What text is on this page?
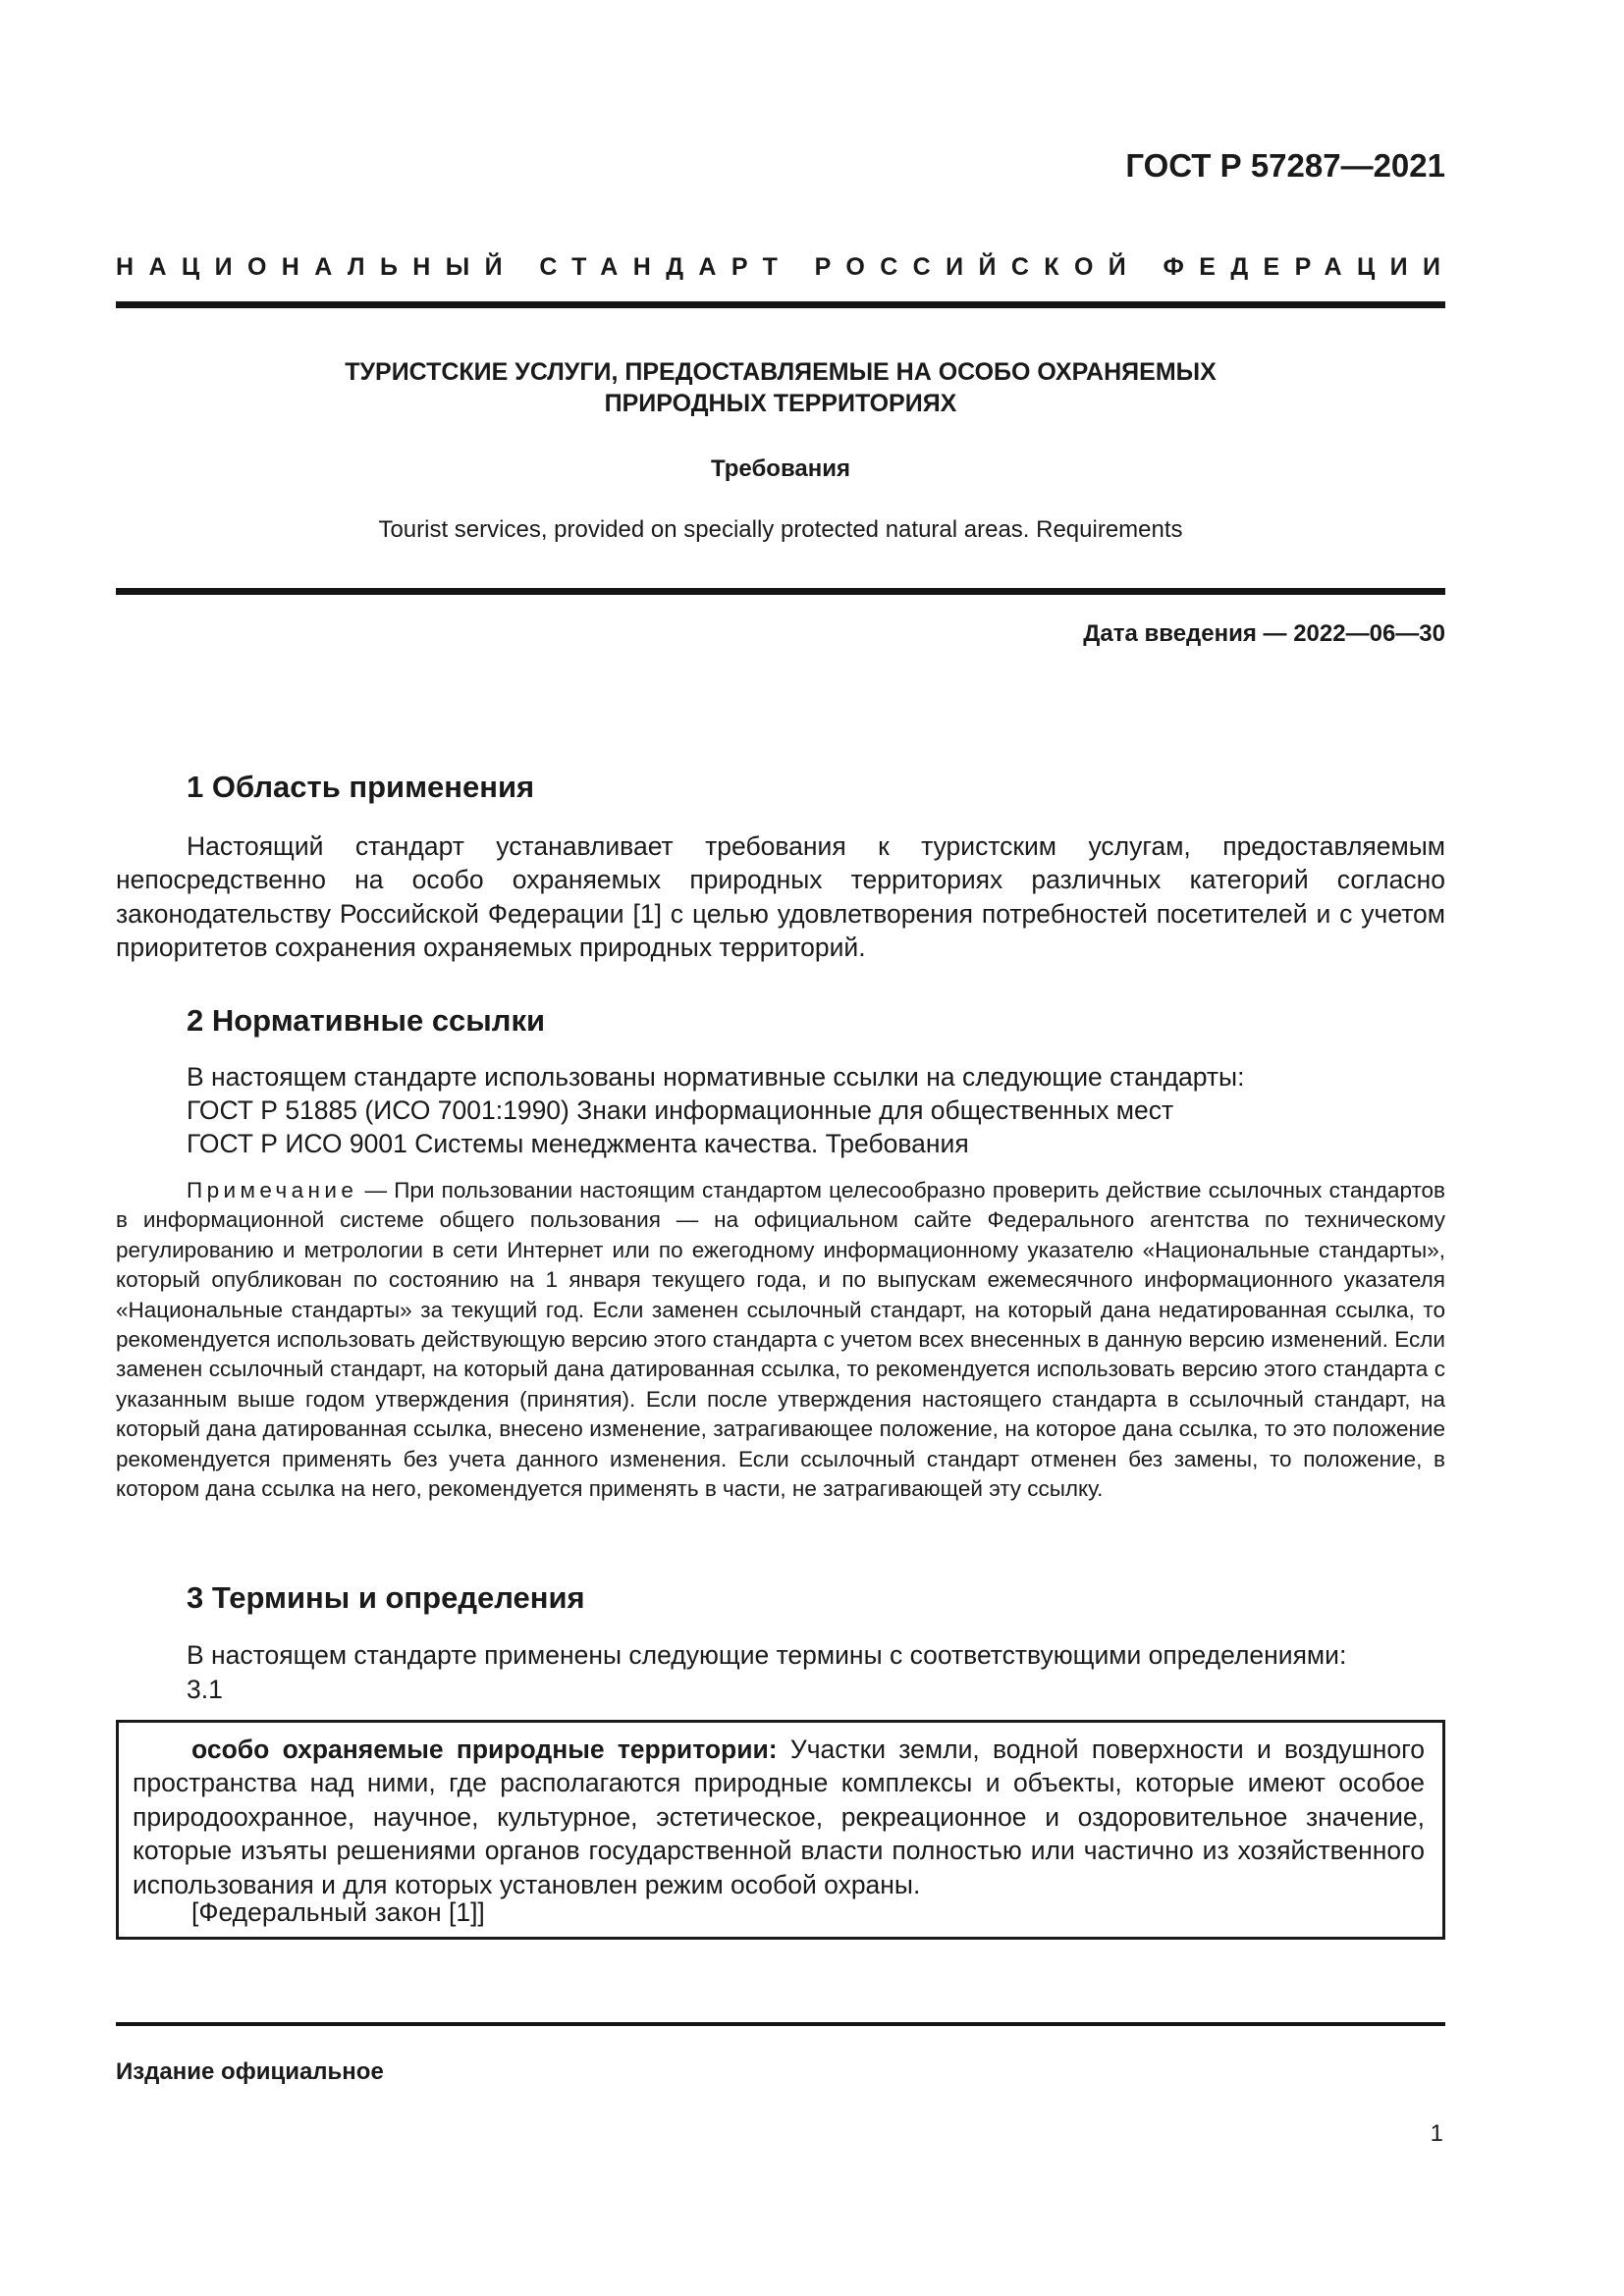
ГОСТ Р 57287—2021
НАЦИОНАЛЬНЫЙ СТАНДАРТ РОССИЙСКОЙ ФЕДЕРАЦИИ
ТУРИСТСКИЕ УСЛУГИ, ПРЕДОСТАВЛЯЕМЫЕ НА ОСОБО ОХРАНЯЕМЫХ
ПРИРОДНЫХ ТЕРРИТОРИЯХ
Требования
Tourist services, provided on specially protected natural areas. Requirements
Дата введения — 2022—06—30
1 Область применения

Настоящий стандарт устанавливает требования к туристским услугам, предоставляемым непосредственно на особо охраняемых природных территориях различных категорий согласно законодательству Российской Федерации [1] с целью удовлетворения потребностей посетителей и с учетом приоритетов сохранения охраняемых природных территорий.

2 Нормативные ссылки
В настоящем стандарте использованы нормативные ссылки на следующие стандарты:
ГОСТ Р 51885 (ИСО 7001:1990) Знаки информационные для общественных мест
ГОСТ Р ИСО 9001 Системы менеджмента качества. Требования

Примечание — При пользовании настоящим стандартом целесообразно проверить действие ссылочных стандартов в информационной системе общего пользования — на официальном сайте Федерального агентства по техническому регулированию и метрологии в сети Интернет или по ежегодному информационному указателю «Национальные стандарты», который опубликован по состоянию на 1 января текущего года, и по выпускам ежемесячного информационного указателя «Национальные стандарты» за текущий год. Если заменен ссылочный стандарт, на который дана недатированная ссылка, то рекомендуется использовать действующую версию этого стандарта с учетом всех внесенных в данную версию изменений. Если заменен ссылочный стандарт, на который дана датированная ссылка, то рекомендуется использовать версию этого стандарта с указанным выше годом утверждения (принятия). Если после утверждения настоящего стандарта в ссылочный стандарт, на который дана датированная ссылка, внесено изменение, затрагивающее положение, на которое дана ссылка, то это положение рекомендуется применять без учета данного изменения. Если ссылочный стандарт отменен без замены, то положение, в котором дана ссылка на него, рекомендуется применять в части, не затрагивающей эту ссылку.

3 Термины и определения
В настоящем стандарте применены следующие термины с соответствующими определениями:
3.1

особо охраняемые природные территории: Участки земли, водной поверхности и воздушного пространства над ними, где располагаются природные комплексы и объекты, которые имеют особое природоохранное, научное, культурное, эстетическое, рекреационное и оздоровительное значение, которые изъяты решениями органов государственной власти полностью или частично из хозяйственного использования и для которых установлен режим особой охраны.

[Федеральный закон [1]]
Издание официальное
1
